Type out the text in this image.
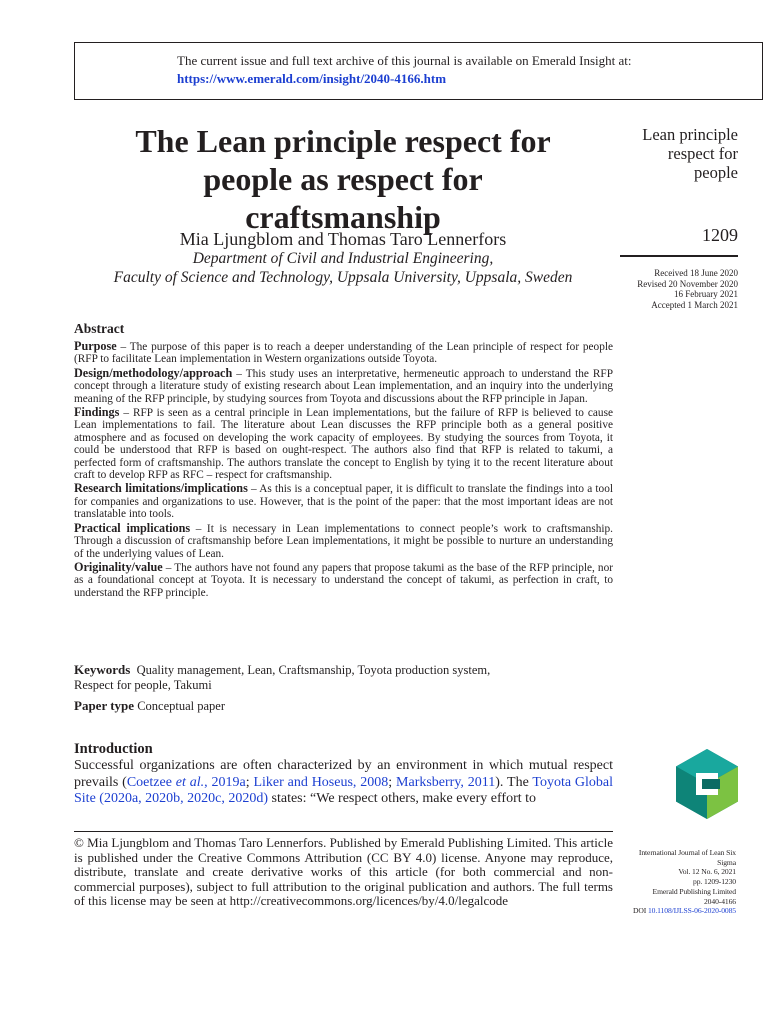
The current issue and full text archive of this journal is available on Emerald Insight at:
https://www.emerald.com/insight/2040-4166.htm
The Lean principle respect for
people as respect for
craftsmanship
Mia Ljungblom and Thomas Taro Lennerfors
Department of Civil and Industrial Engineering,
Faculty of Science and Technology, Uppsala University, Uppsala, Sweden
Lean principle
respect for
people
1209
Received 18 June 2020
Revised 20 November 2020
16 February 2021
Accepted 1 March 2021
Abstract

Purpose – The purpose of this paper is to reach a deeper understanding of the Lean principle of respect for people (RFP to facilitate Lean implementation in Western organizations outside Toyota.

Design/methodology/approach – This study uses an interpretative, hermeneutic approach to understand the RFP concept through a literature study of existing research about Lean implementation, and an inquiry into the underlying meaning of the RFP principle, by studying sources from Toyota and discussions about the RFP principle in Japan.

Findings – RFP is seen as a central principle in Lean implementations, but the failure of RFP is believed to cause Lean implementations to fail. The literature about Lean discusses the RFP principle both as a general positive atmosphere and as focused on developing the work capacity of employees. By studying the sources from Toyota, it could be understood that RFP is based on ought-respect. The authors also find that RFP is related to takumi, a perfected form of craftsmanship. The authors translate the concept to English by tying it to the recent literature about craft to develop RFP as RFC – respect for craftsmanship.

Research limitations/implications – As this is a conceptual paper, it is difficult to translate the findings into a tool for companies and organizations to use. However, that is the point of the paper: that the most important ideas are not translatable into tools.

Practical implications – It is necessary in Lean implementations to connect people’s work to craftsmanship. Through a discussion of craftsmanship before Lean implementations, it might be possible to nurture an understanding of the underlying values of Lean.

Originality/value – The authors have not found any papers that propose takumi as the base of the RFP principle, nor as a foundational concept at Toyota. It is necessary to understand the concept of takumi, as perfection in craft, to understand the RFP principle.

Keywords Quality management, Lean, Craftsmanship, Toyota production system,
Respect for people, Takumi
Paper type Conceptual paper
Introduction
Successful organizations are often characterized by an environment in which mutual respect prevails (Coetzee et al., 2019a; Liker and Hoseus, 2008; Marksberry, 2011). The Toyota Global Site (2020a, 2020b, 2020c, 2020d) states: “We respect others, make every effort to
© Mia Ljungblom and Thomas Taro Lennerfors. Published by Emerald Publishing Limited. This article is published under the Creative Commons Attribution (CC BY 4.0) license. Anyone may reproduce, distribute, translate and create derivative works of this article (for both commercial and non-commercial purposes), subject to full attribution to the original publication and authors. The full terms of this license may be seen at http://creativecommons.org/licences/by/4.0/legalcode
International Journal of Lean Six
Sigma
Vol. 12 No. 6, 2021
pp. 1209-1230
Emerald Publishing Limited
2040-4166
DOI 10.1108/IJLSS-06-2020-0085
